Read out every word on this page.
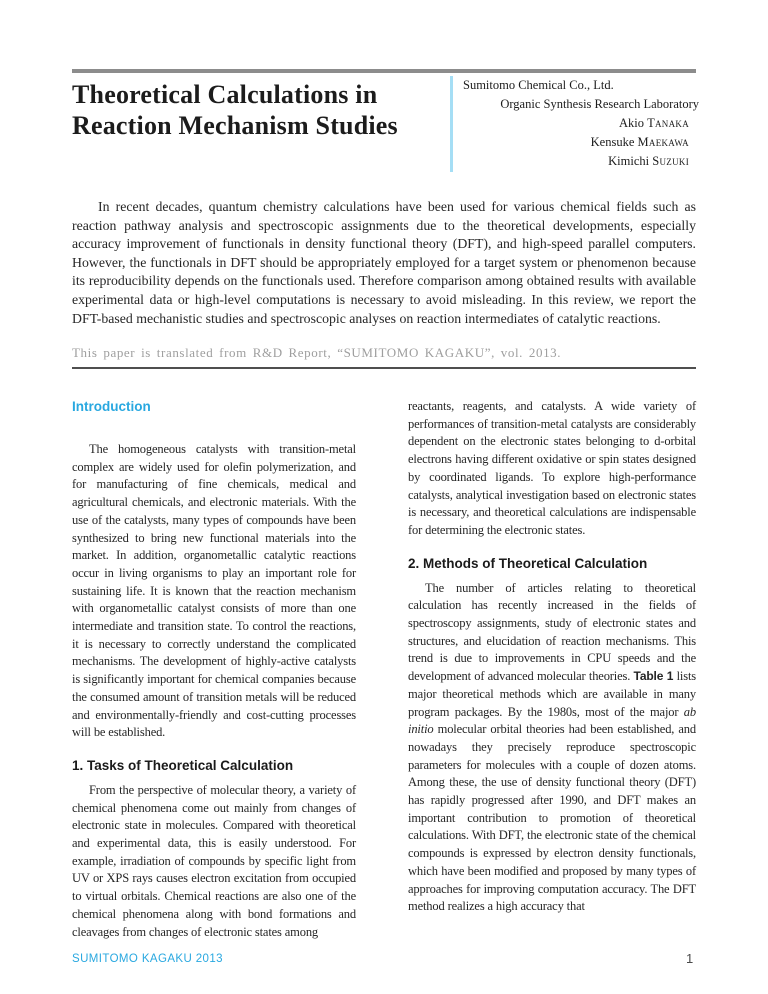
Theoretical Calculations in
Reaction Mechanism Studies
Sumitomo Chemical Co., Ltd.
Organic Synthesis Research Laboratory
Akio Tanaka
Kensuke Maekawa
Kimichi Suzuki

In recent decades, quantum chemistry calculations have been used for various chemical fields such as reaction pathway analysis and spectroscopic assignments due to the theoretical developments, especially accuracy improvement of functionals in density functional theory (DFT), and high-speed parallel computers. However, the functionals in DFT should be appropriately employed for a target system or phenomenon because its reproducibility depends on the functionals used. Therefore comparison among obtained results with available experimental data or high-level computations is necessary to avoid misleading. In this review, we report the DFT-based mechanistic studies and spectroscopic analyses on reaction intermediates of catalytic reactions.

This paper is translated from R&D Report, “SUMITOMO KAGAKU”, vol. 2013.

Introduction

The homogeneous catalysts with transition-metal complex are widely used for olefin polymerization, and for manufacturing of fine chemicals, medical and agricultural chemicals, and electronic materials. With the use of the catalysts, many types of compounds have been synthesized to bring new functional materials into the market. In addition, organometallic catalytic reactions occur in living organisms to play an important role for sustaining life. It is known that the reaction mechanism with organometallic catalyst consists of more than one intermediate and transition state. To control the reactions, it is necessary to correctly understand the complicated mechanisms. The development of highly-active catalysts is significantly important for chemical companies because the consumed amount of transition metals will be reduced and environmentally-friendly and cost-cutting processes will be established.

1. Tasks of Theoretical Calculation

From the perspective of molecular theory, a variety of chemical phenomena come out mainly from changes of electronic state in molecules. Compared with theoretical and experimental data, this is easily understood. For example, irradiation of compounds by specific light from UV or XPS rays causes electron excitation from occupied to virtual orbitals. Chemical reactions are also one of the chemical phenomena along with bond formations and cleavages from changes of electronic states among

reactants, reagents, and catalysts. A wide variety of performances of transition-metal catalysts are considerably dependent on the electronic states belonging to d-orbital electrons having different oxidative or spin states designed by coordinated ligands. To explore high-performance catalysts, analytical investigation based on electronic states is necessary, and theoretical calculations are indispensable for determining the electronic states.

2. Methods of Theoretical Calculation

The number of articles relating to theoretical calculation has recently increased in the fields of spectroscopy assignments, study of electronic states and structures, and elucidation of reaction mechanisms. This trend is due to improvements in CPU speeds and the development of advanced molecular theories. Table 1 lists major theoretical methods which are available in many program packages. By the 1980s, most of the major ab initio molecular orbital theories had been established, and nowadays they precisely reproduce spectroscopic parameters for molecules with a couple of dozen atoms. Among these, the use of density functional theory (DFT) has rapidly progressed after 1990, and DFT makes an important contribution to promotion of theoretical calculations. With DFT, the electronic state of the chemical compounds is expressed by electron density functionals, which have been modified and proposed by many types of approaches for improving computation accuracy. The DFT method realizes a high accuracy that

SUMITOMO KAGAKU 2013	1
